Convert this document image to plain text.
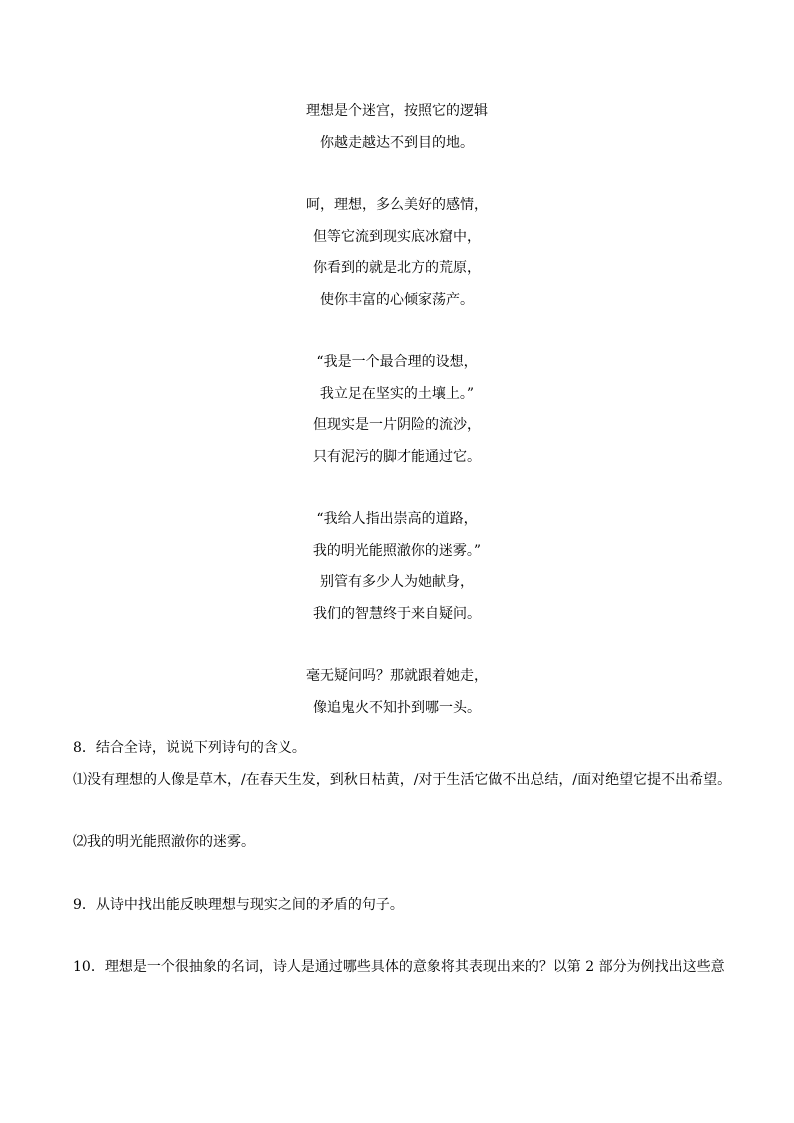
理想是个迷宫，按照它的逻辑
你越走越达不到目的地。
呵，理想，多么美好的感情，
但等它流到现实底冰窟中，
你看到的就是北方的荒原，
使你丰富的心倾家荡产。
“我是一个最合理的设想，
我立足在坚实的土壤上。”
但现实是一片阴险的流沙，
只有泥污的脚才能通过它。
“我给人指出崇高的道路，
我的明光能照澈你的迷雾。”
别管有多少人为她献身，
我们的智慧终于来自疑问。
毫无疑问吗？那就跟着她走，
像追鬼火不知扑到哪一头。

8．结合全诗，说说下列诗句的含义。

⑴没有理想的人像是草木，/在春天生发，到秋日枯黄，/对于生活它做不出总结，/面对绝望它提不出希望。

⑵我的明光能照澈你的迷雾。

9．从诗中找出能反映理想与现实之间的矛盾的句子。

10．理想是一个很抽象的名词，诗人是通过哪些具体的意象将其表现出来的？以第 2 部分为例找出这些意
